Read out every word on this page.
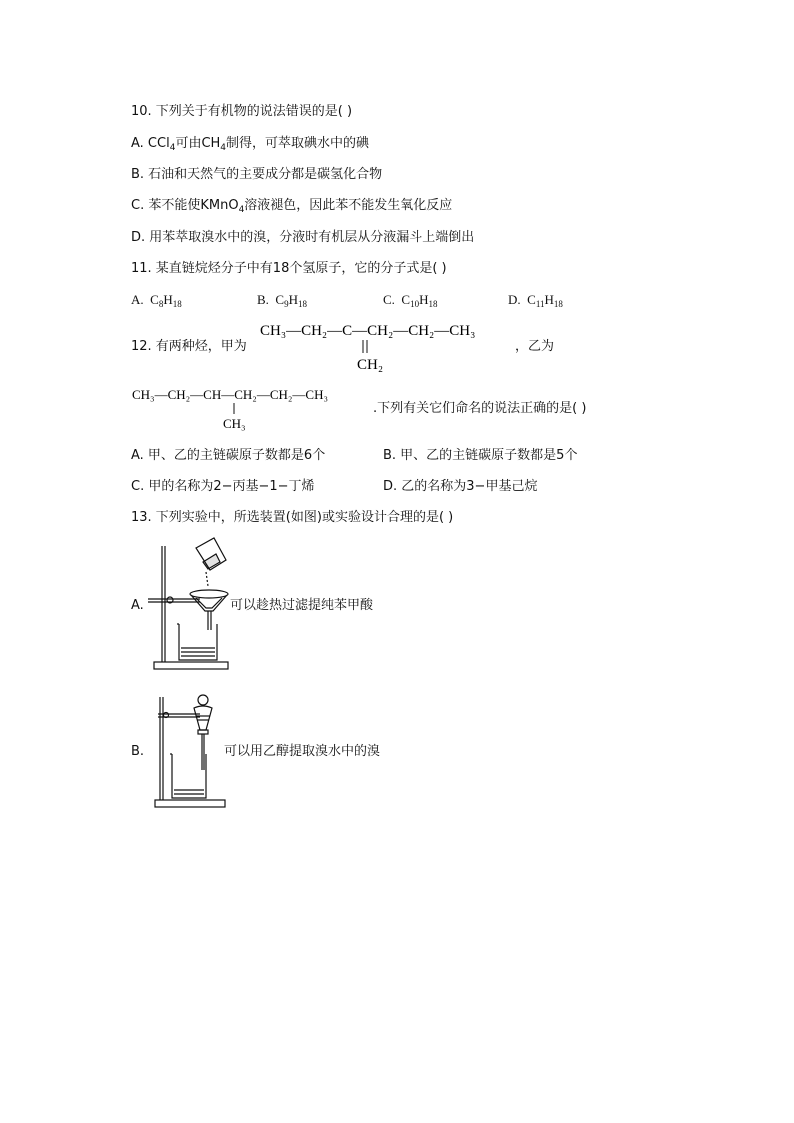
10. 下列关于有机物的说法错误的是( )
A. CCl$_4$可由$CH_4$制得，可萃取碘水中的碘
B. 石油和天然气的主要成分都是碳氢化合物
C. 苯不能使KMnO$_4$溶液褪色，因此苯不能发生氧化反应
D. 用苯萃取溴水中的溴，分液时有机层从分液漏斗上端倒出
11. 某直链烷烃分子中有18个氢原子，它的分子式是( )
A. $C_8H_{18}$	B. $C_9H_{18}$	C. $C_{10}H_{18}$	D. $C_{11}H_{18}$
12. 有两种烃，甲为
CH₃—CH₂—C—CH₂—CH₂—CH₃
CH₂
，乙为
CH₃—CH₂—CH—CH₂—CH₂—CH₃
CH₃
.下列有关它们命名的说法正确的是( )
A. 甲、乙的主链碳原子数都是6个	B. 甲、乙的主链碳原子数都是5个
C. 甲的名称为2−丙基−1−丁烯	D. 乙的名称为3−甲基己烷
13. 下列实验中，所选装置(如图)或实验设计合理的是( )
A.	可以趁热过滤提纯苯甲酸
B.	可以用乙醇提取溴水中的溴
